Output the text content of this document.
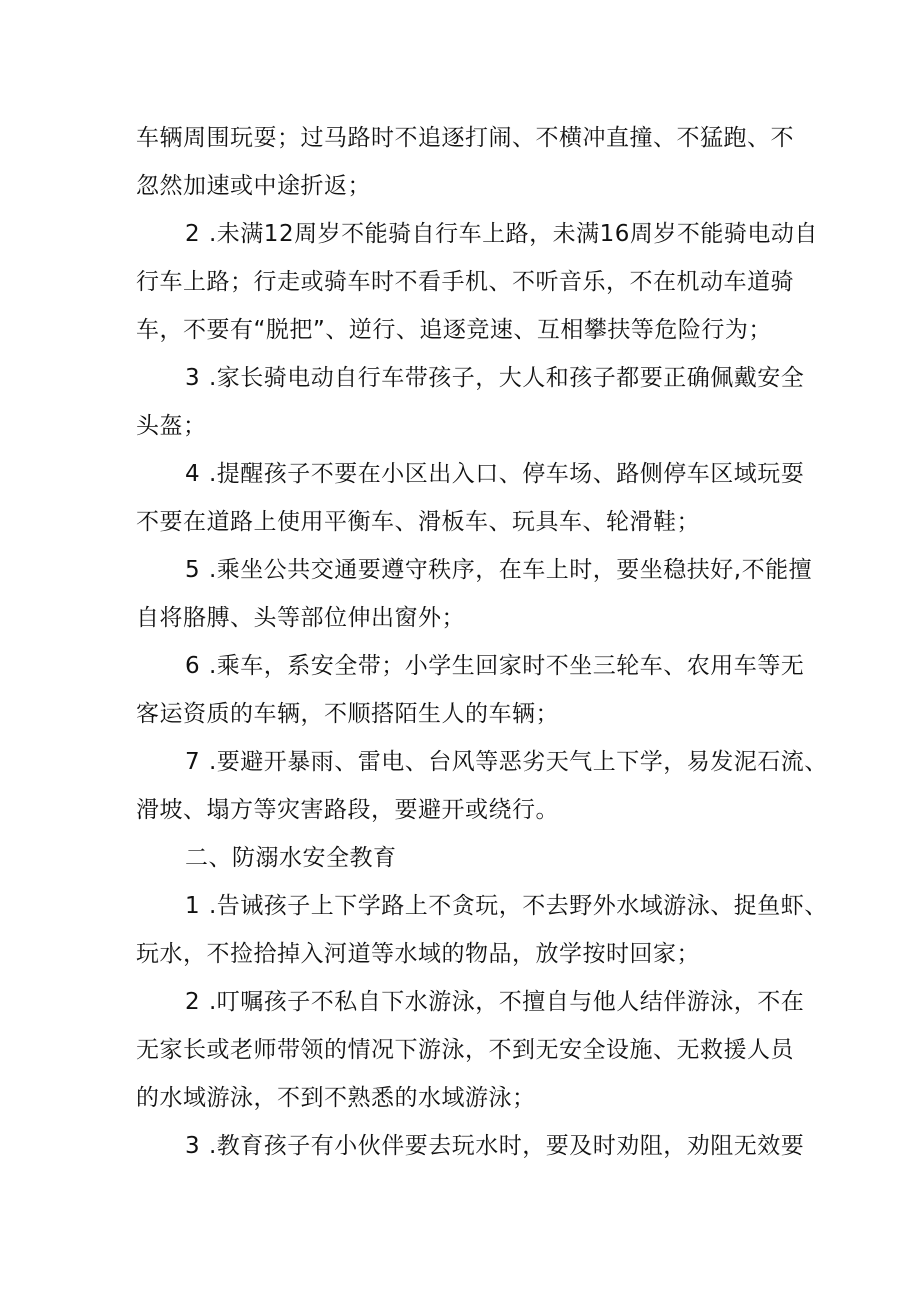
车辆周围玩耍；过马路时不追逐打闹、不横冲直撞、不猛跑、不
忽然加速或中途折返；
2 .未满12周岁不能骑自行车上路，未满16周岁不能骑电动自
行车上路；行走或骑车时不看手机、不听音乐，不在机动车道骑
车，不要有“脱把”、逆行、追逐竞速、互相攀扶等危险行为；
3 .家长骑电动自行车带孩子，大人和孩子都要正确佩戴安全
头盔；
4 .提醒孩子不要在小区出入口、停车场、路侧停车区域玩耍
不要在道路上使用平衡车、滑板车、玩具车、轮滑鞋；
5 .乘坐公共交通要遵守秩序，在车上时，要坐稳扶好,不能擅
自将胳膊、头等部位伸出窗外；
6 .乘车，系安全带；小学生回家时不坐三轮车、农用车等无
客运资质的车辆，不顺搭陌生人的车辆；
7 .要避开暴雨、雷电、台风等恶劣天气上下学，易发泥石流、
滑坡、塌方等灾害路段，要避开或绕行。
二、防溺水安全教育
1 .告诫孩子上下学路上不贪玩，不去野外水域游泳、捉鱼虾、
玩水，不捡拾掉入河道等水域的物品，放学按时回家；
2 .叮嘱孩子不私自下水游泳，不擅自与他人结伴游泳，不在
无家长或老师带领的情况下游泳，不到无安全设施、无救援人员
的水域游泳，不到不熟悉的水域游泳；
3 .教育孩子有小伙伴要去玩水时，要及时劝阻，劝阻无效要
